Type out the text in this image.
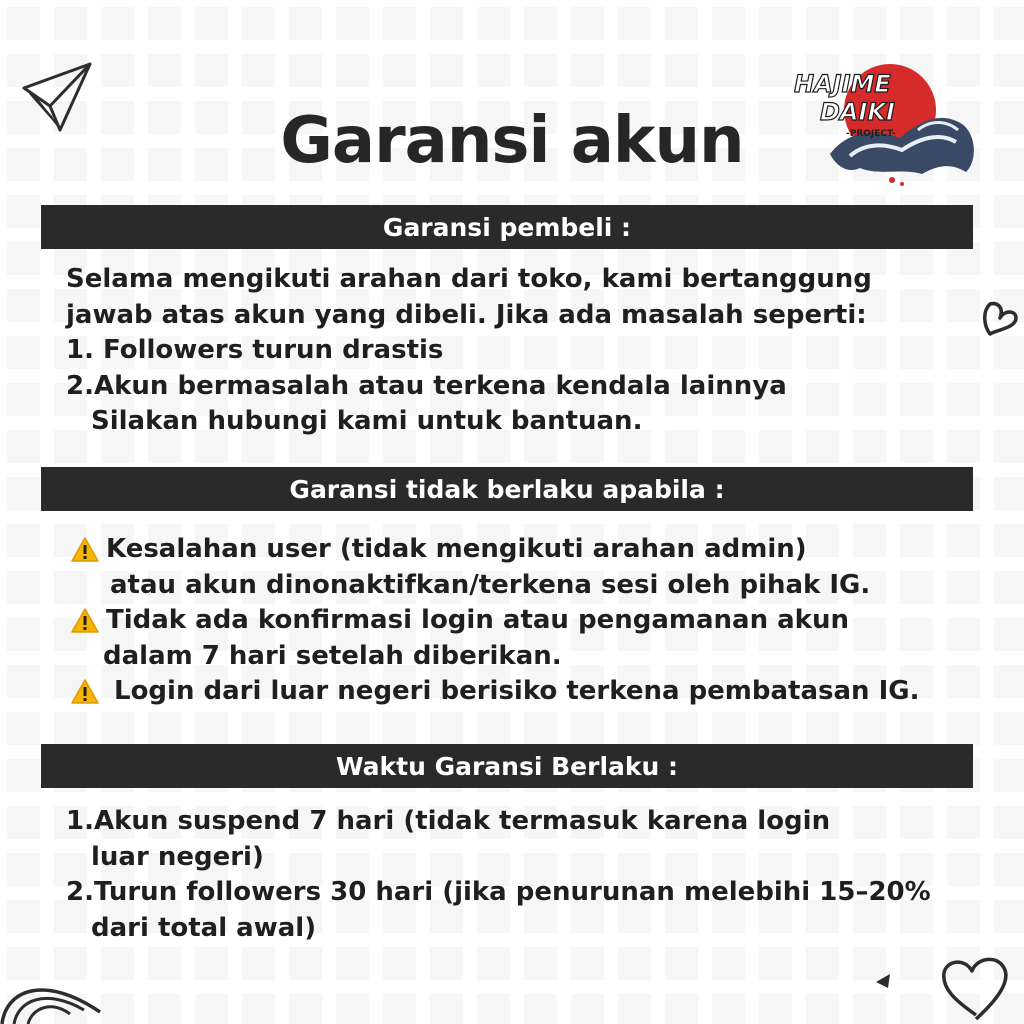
HAJIME
DAIKI
-PROJECT-
Garansi akun
Garansi pembeli :
Selama mengikuti arahan dari toko, kami bertanggung
jawab atas akun yang dibeli. Jika ada masalah seperti:
1. Followers turun drastis
2.Akun bermasalah atau terkena kendala lainnya
Silakan hubungi kami untuk bantuan.
Garansi tidak berlaku apabila :
Kesalahan user (tidak mengikuti arahan admin)
atau akun dinonaktifkan/terkena sesi oleh pihak IG.
Tidak ada konfirmasi login atau pengamanan akun
dalam 7 hari setelah diberikan.
Login dari luar negeri berisiko terkena pembatasan IG.
Waktu Garansi Berlaku :
1.Akun suspend 7 hari (tidak termasuk karena login
luar negeri)
2.Turun followers 30 hari (jika penurunan melebihi 15–20%
dari total awal)
